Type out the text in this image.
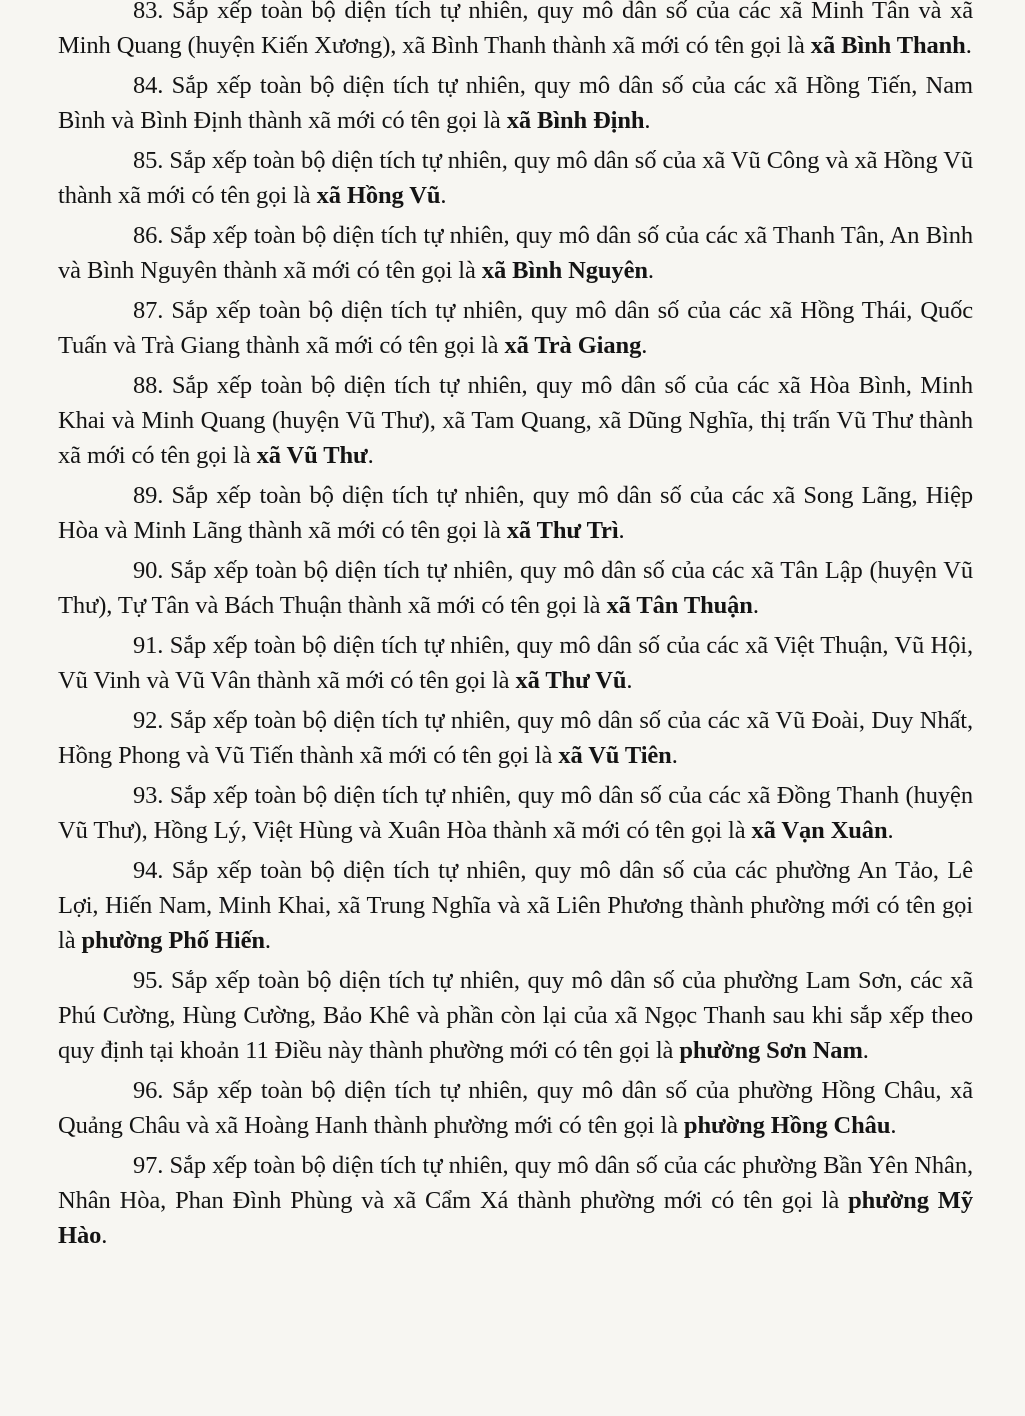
83. Sắp xếp toàn bộ diện tích tự nhiên, quy mô dân số của các xã Minh Tân và xã Minh Quang (huyện Kiến Xương), xã Bình Thanh thành xã mới có tên gọi là xã Bình Thanh.

84. Sắp xếp toàn bộ diện tích tự nhiên, quy mô dân số của các xã Hồng Tiến, Nam Bình và Bình Định thành xã mới có tên gọi là xã Bình Định.

85. Sắp xếp toàn bộ diện tích tự nhiên, quy mô dân số của xã Vũ Công và xã Hồng Vũ thành xã mới có tên gọi là xã Hồng Vũ.

86. Sắp xếp toàn bộ diện tích tự nhiên, quy mô dân số của các xã Thanh Tân, An Bình và Bình Nguyên thành xã mới có tên gọi là xã Bình Nguyên.

87. Sắp xếp toàn bộ diện tích tự nhiên, quy mô dân số của các xã Hồng Thái, Quốc Tuấn và Trà Giang thành xã mới có tên gọi là xã Trà Giang.

88. Sắp xếp toàn bộ diện tích tự nhiên, quy mô dân số của các xã Hòa Bình, Minh Khai và Minh Quang (huyện Vũ Thư), xã Tam Quang, xã Dũng Nghĩa, thị trấn Vũ Thư thành xã mới có tên gọi là xã Vũ Thư.

89. Sắp xếp toàn bộ diện tích tự nhiên, quy mô dân số của các xã Song Lãng, Hiệp Hòa và Minh Lãng thành xã mới có tên gọi là xã Thư Trì.

90. Sắp xếp toàn bộ diện tích tự nhiên, quy mô dân số của các xã Tân Lập (huyện Vũ Thư), Tự Tân và Bách Thuận thành xã mới có tên gọi là xã Tân Thuận.

91. Sắp xếp toàn bộ diện tích tự nhiên, quy mô dân số của các xã Việt Thuận, Vũ Hội, Vũ Vinh và Vũ Vân thành xã mới có tên gọi là xã Thư Vũ.

92. Sắp xếp toàn bộ diện tích tự nhiên, quy mô dân số của các xã Vũ Đoài, Duy Nhất, Hồng Phong và Vũ Tiến thành xã mới có tên gọi là xã Vũ Tiên.

93. Sắp xếp toàn bộ diện tích tự nhiên, quy mô dân số của các xã Đồng Thanh (huyện Vũ Thư), Hồng Lý, Việt Hùng và Xuân Hòa thành xã mới có tên gọi là xã Vạn Xuân.

94. Sắp xếp toàn bộ diện tích tự nhiên, quy mô dân số của các phường An Tảo, Lê Lợi, Hiến Nam, Minh Khai, xã Trung Nghĩa và xã Liên Phương thành phường mới có tên gọi là phường Phố Hiến.

95. Sắp xếp toàn bộ diện tích tự nhiên, quy mô dân số của phường Lam Sơn, các xã Phú Cường, Hùng Cường, Bảo Khê và phần còn lại của xã Ngọc Thanh sau khi sắp xếp theo quy định tại khoản 11 Điều này thành phường mới có tên gọi là phường Sơn Nam.

96. Sắp xếp toàn bộ diện tích tự nhiên, quy mô dân số của phường Hồng Châu, xã Quảng Châu và xã Hoàng Hanh thành phường mới có tên gọi là phường Hồng Châu.

97. Sắp xếp toàn bộ diện tích tự nhiên, quy mô dân số của các phường Bần Yên Nhân, Nhân Hòa, Phan Đình Phùng và xã Cẩm Xá thành phường mới có tên gọi là phường Mỹ Hào.
